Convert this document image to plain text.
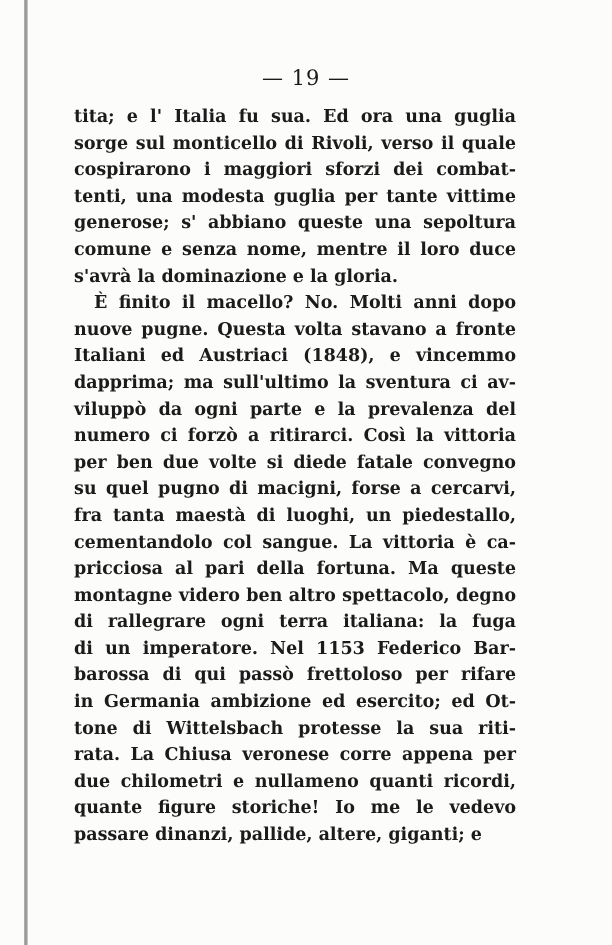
— 19 —
tita; e l' Italia fu sua. Ed ora una guglia
sorge sul monticello di Rivoli, verso il quale
cospirarono i maggiori sforzi dei combat-
tenti, una modesta guglia per tante vittime
generose; s' abbiano queste una sepoltura
comune e senza nome, mentre il loro duce
s'avrà la dominazione e la gloria.
È finito il macello? No. Molti anni dopo
nuove pugne. Questa volta stavano a fronte
Italiani ed Austriaci (1848), e vincemmo
dapprima; ma sull'ultimo la sventura ci av-
viluppò da ogni parte e la prevalenza del
numero ci forzò a ritirarci. Così la vittoria
per ben due volte si diede fatale convegno
su quel pugno di macigni, forse a cercarvi,
fra tanta maestà di luoghi, un piedestallo,
cementandolo col sangue. La vittoria è ca-
pricciosa al pari della fortuna. Ma queste
montagne videro ben altro spettacolo, degno
di rallegrare ogni terra italiana: la fuga
di un imperatore. Nel 1153 Federico Bar-
barossa di qui passò frettoloso per rifare
in Germania ambizione ed esercito; ed Ot-
tone di Wittelsbach protesse la sua riti-
rata. La Chiusa veronese corre appena per
due chilometri e nullameno quanti ricordi,
quante figure storiche! Io me le vedevo
passare dinanzi, pallide, altere, giganti; e
